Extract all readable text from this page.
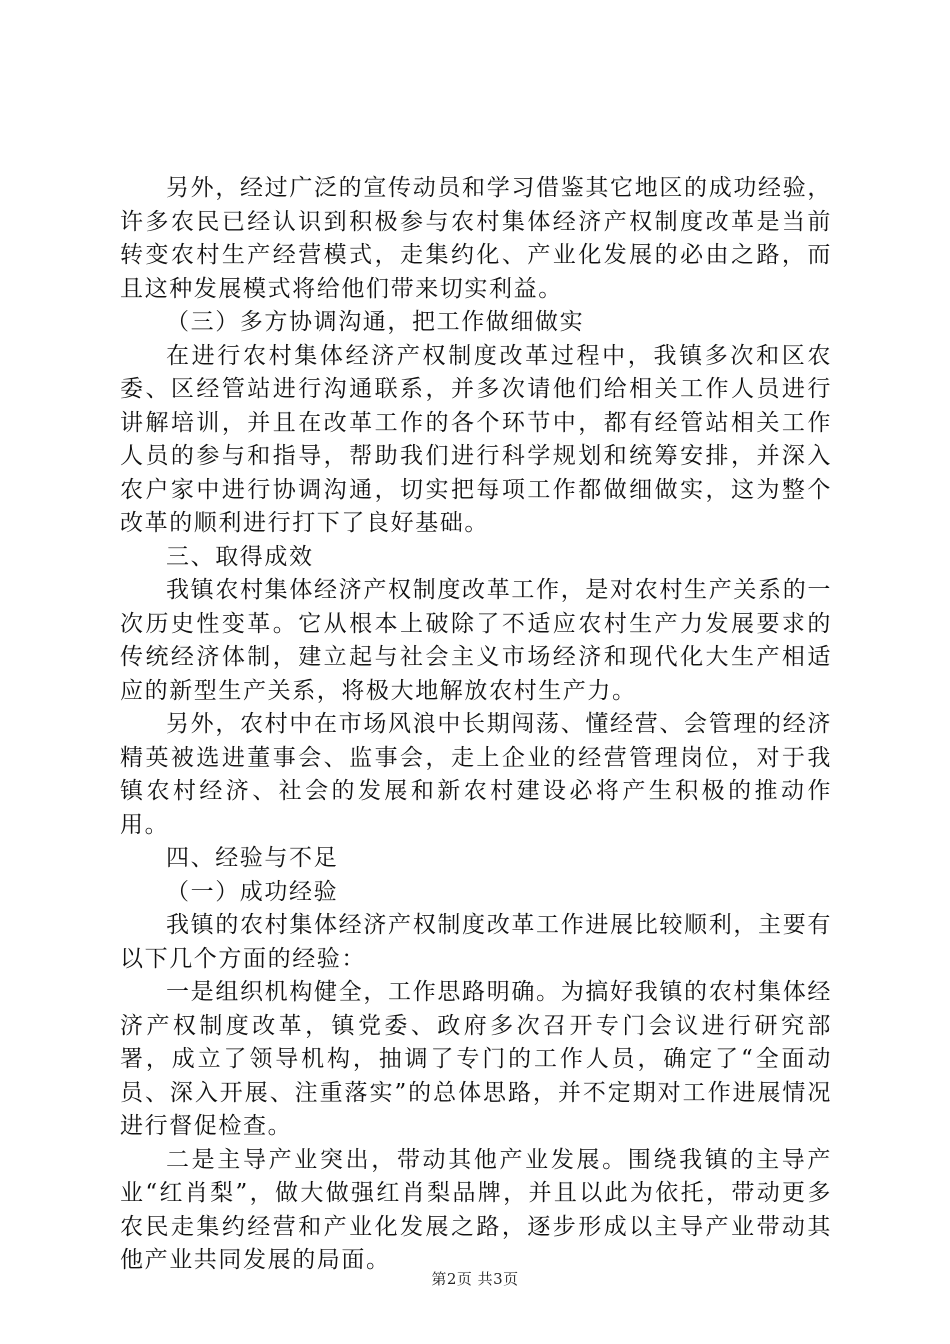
另外，经过广泛的宣传动员和学习借鉴其它地区的成功经验，许多农民已经认识到积极参与农村集体经济产权制度改革是当前转变农村生产经营模式，走集约化、产业化发展的必由之路，而且这种发展模式将给他们带来切实利益。

（三）多方协调沟通，把工作做细做实

在进行农村集体经济产权制度改革过程中，我镇多次和区农委、区经管站进行沟通联系，并多次请他们给相关工作人员进行讲解培训，并且在改革工作的各个环节中，都有经管站相关工作人员的参与和指导，帮助我们进行科学规划和统筹安排，并深入农户家中进行协调沟通，切实把每项工作都做细做实，这为整个改革的顺利进行打下了良好基础。

三、取得成效

我镇农村集体经济产权制度改革工作，是对农村生产关系的一次历史性变革。它从根本上破除了不适应农村生产力发展要求的传统经济体制，建立起与社会主义市场经济和现代化大生产相适应的新型生产关系，将极大地解放农村生产力。

另外，农村中在市场风浪中长期闯荡、懂经营、会管理的经济精英被选进董事会、监事会，走上企业的经营管理岗位，对于我镇农村经济、社会的发展和新农村建设必将产生积极的推动作用。

四、经验与不足

（一）成功经验

我镇的农村集体经济产权制度改革工作进展比较顺利，主要有以下几个方面的经验：

一是组织机构健全，工作思路明确。为搞好我镇的农村集体经济产权制度改革，镇党委、政府多次召开专门会议进行研究部署，成立了领导机构，抽调了专门的工作人员，确定了“全面动员、深入开展、注重落实”的总体思路，并不定期对工作进展情况进行督促检查。

二是主导产业突出，带动其他产业发展。围绕我镇的主导产业“红肖梨”，做大做强红肖梨品牌，并且以此为依托，带动更多农民走集约经营和产业化发展之路，逐步形成以主导产业带动其他产业共同发展的局面。

第2页 共3页
